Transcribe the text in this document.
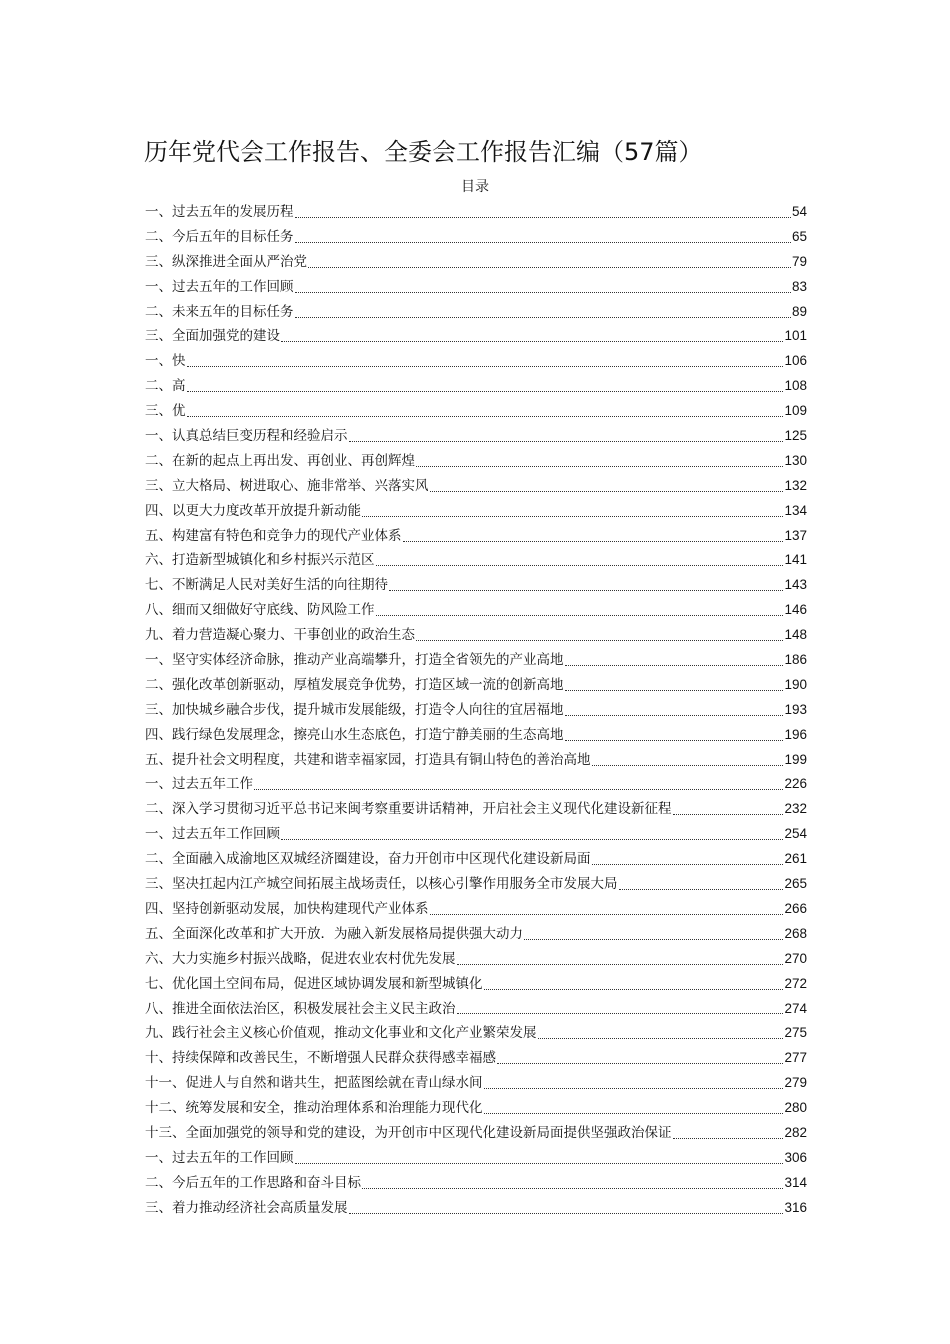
历年党代会工作报告、全委会工作报告汇编（57篇）
目录
一、过去五年的发展历程	54
二、今后五年的目标任务	65
三、纵深推进全面从严治党	79
一、过去五年的工作回顾	83
二、未来五年的目标任务	89
三、全面加强党的建设	101
一、快	106
二、高	108
三、优	109
一、认真总结巨变历程和经验启示	125
二、在新的起点上再出发、再创业、再创辉煌	130
三、立大格局、树进取心、施非常举、兴落实风	132
四、以更大力度改革开放提升新动能	134
五、构建富有特色和竞争力的现代产业体系	137
六、打造新型城镇化和乡村振兴示范区	141
七、不断满足人民对美好生活的向往期待	143
八、细而又细做好守底线、防风险工作	146
九、着力营造凝心聚力、干事创业的政治生态	148
一、坚守实体经济命脉，推动产业高端攀升，打造全省领先的产业高地	186
二、强化改革创新驱动，厚植发展竞争优势，打造区域一流的创新高地	190
三、加快城乡融合步伐，提升城市发展能级，打造令人向往的宜居福地	193
四、践行绿色发展理念，擦亮山水生态底色，打造宁静美丽的生态高地	196
五、提升社会文明程度，共建和谐幸福家园，打造具有铜山特色的善治高地	199
一、过去五年工作	226
二、深入学习贯彻习近平总书记来闽考察重要讲话精神，开启社会主义现代化建设新征程	232
一、过去五年工作回顾	254
二、全面融入成渝地区双城经济圈建设，奋力开创市中区现代化建设新局面	261
三、坚决扛起内江产城空间拓展主战场责任，以核心引擎作用服务全市发展大局	265
四、坚持创新驱动发展，加快构建现代产业体系	266
五、全面深化改革和扩大开放．为融入新发展格局提供强大动力	268
六、大力实施乡村振兴战略，促进农业农村优先发展	270
七、优化国土空间布局，促进区域协调发展和新型城镇化	272
八、推进全面依法治区，积极发展社会主义民主政治	274
九、践行社会主义核心价值观，推动文化事业和文化产业繁荣发展	275
十、持续保障和改善民生，不断增强人民群众获得感幸福感	277
十一、促进人与自然和谐共生，把蓝图绘就在青山绿水间	279
十二、统筹发展和安全，推动治理体系和治理能力现代化	280
十三、全面加强党的领导和党的建设，为开创市中区现代化建设新局面提供坚强政治保证	282
一、过去五年的工作回顾	306
二、今后五年的工作思路和奋斗目标	314
三、着力推动经济社会高质量发展	316
